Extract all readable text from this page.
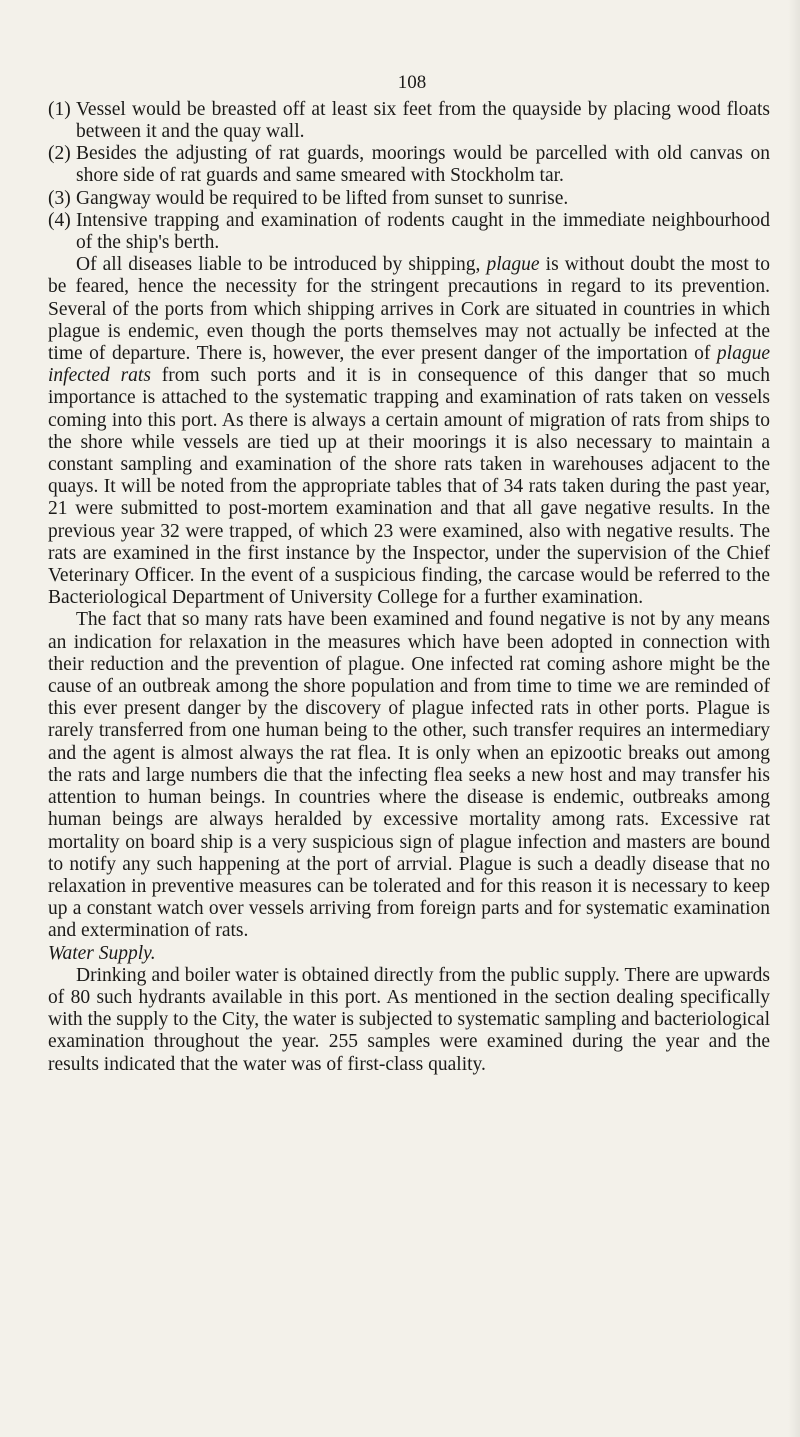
108
(1) Vessel would be breasted off at least six feet from the quayside by placing wood floats between it and the quay wall.
(2) Besides the adjusting of rat guards, moorings would be parcelled with old canvas on shore side of rat guards and same smeared with Stockholm tar.
(3) Gangway would be required to be lifted from sunset to sunrise.
(4) Intensive trapping and examination of rodents caught in the immediate neighbourhood of the ship's berth.

Of all diseases liable to be introduced by shipping, plague is without doubt the most to be feared, hence the necessity for the stringent precautions in regard to its prevention. Several of the ports from which shipping arrives in Cork are situated in countries in which plague is endemic, even though the ports themselves may not actually be infected at the time of departure. There is, however, the ever present danger of the importation of plague infected rats from such ports and it is in consequence of this danger that so much importance is attached to the systematic trapping and examination of rats taken on vessels coming into this port. As there is always a certain amount of migration of rats from ships to the shore while vessels are tied up at their moorings it is also necessary to maintain a constant sampling and examination of the shore rats taken in warehouses adjacent to the quays. It will be noted from the appropriate tables that of 34 rats taken during the past year, 21 were submitted to post-mortem examination and that all gave negative results. In the previous year 32 were trapped, of which 23 were examined, also with negative results. The rats are examined in the first instance by the Inspector, under the supervision of the Chief Veterinary Officer. In the event of a suspicious finding, the carcase would be referred to the Bacteriological Department of University College for a further examination.

The fact that so many rats have been examined and found negative is not by any means an indication for relaxation in the measures which have been adopted in connection with their reduction and the prevention of plague. One infected rat coming ashore might be the cause of an outbreak among the shore population and from time to time we are reminded of this ever present danger by the discovery of plague infected rats in other ports. Plague is rarely transferred from one human being to the other, such transfer requires an intermediary and the agent is almost always the rat flea. It is only when an epizootic breaks out among the rats and large numbers die that the infecting flea seeks a new host and may transfer his attention to human beings. In countries where the disease is endemic, outbreaks among human beings are always heralded by excessive mortality among rats. Excessive rat mortality on board ship is a very suspicious sign of plague infection and masters are bound to notify any such happening at the port of arrvial. Plague is such a deadly disease that no relaxation in preventive measures can be tolerated and for this reason it is necessary to keep up a constant watch over vessels arriving from foreign parts and for systematic examination and extermination of rats.

Water Supply.

Drinking and boiler water is obtained directly from the public supply. There are upwards of 80 such hydrants available in this port. As mentioned in the section dealing specifically with the supply to the City, the water is subjected to systematic sampling and bacteriological examination throughout the year. 255 samples were examined during the year and the results indicated that the water was of first-class quality.
